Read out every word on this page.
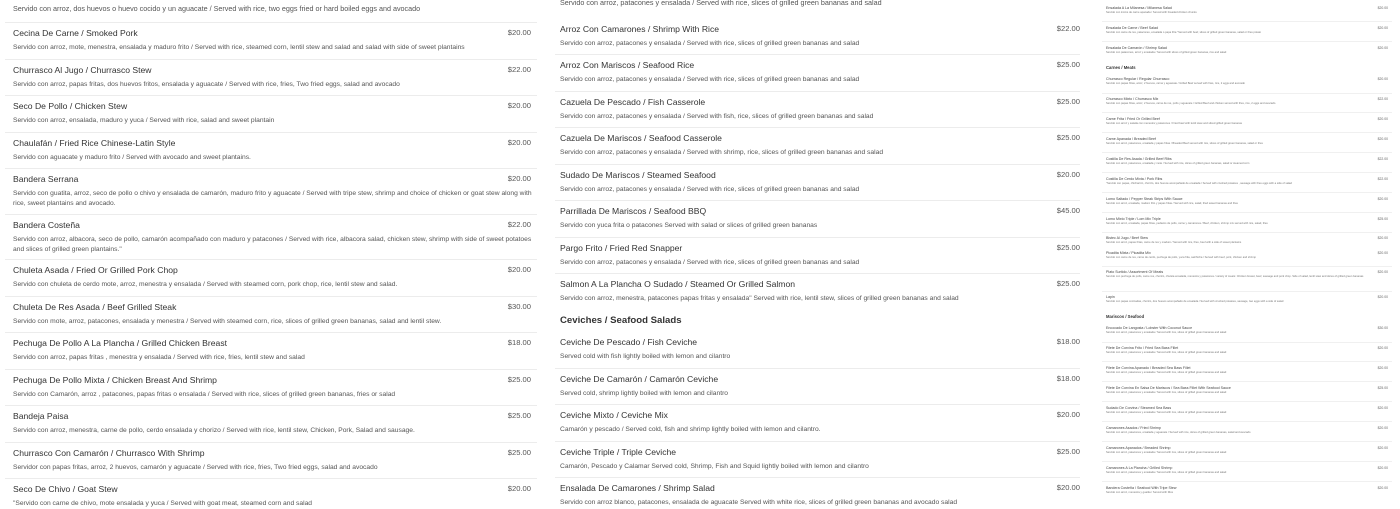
Servido con arroz, dos huevos o huevo cocido y un aguacate / Served with rice, two eggs fried or hard boiled eggs and avocado
Cecina De Carne / Smoked Pork	$20.00
Servido con arroz, mote, menestra, ensalada y maduro frito / Served with rice, steamed corn, lentil stew and salad and salad with side of sweet plantains
Churrasco Al Jugo / Churrasco Stew	$22.00
Servido con arroz, papas fritas, dos huevos fritos, ensalada y aguacate / Served with rice, fries, Two fried eggs, salad and avocado
Seco De Pollo / Chicken Stew	$20.00
Servido con arroz, ensalada, maduro y yuca / Served with rice, salad and sweet plantain
Chaulafán / Fried Rice Chinese-Latin Style	$20.00
Servido con aguacate y maduro frito / Served with avocado and sweet plantains.
Bandera Serrana	$20.00
Servido con guatita, arroz, seco de pollo o chivo y ensalada de camarón, maduro frito y aguacate / Served with tripe stew, shrimp and choice of chicken or goat stew along with rice, sweet plantains and avocado.
Bandera Costeña	$22.00
Servido con arroz, albacora, seco de pollo, camarón acompañado con maduro y patacones / Served with rice, albacora salad, chicken stew, shrimp with side of sweet potatoes and slices of grilled green plantains."
Chuleta Asada / Fried Or Grilled Pork Chop	$20.00
Servido con chuleta de cerdo mote, arroz, menestra y ensalada / Served with steamed corn, pork chop, rice, lentil stew and salad.
Chuleta De Res Asada / Beef Grilled Steak	$30.00
Servido con mote, arroz, patacones, ensalada y menestra / Served with steamed corn, rice, slices of grilled green bananas, salad and lentil stew.
Pechuga De Pollo A La Plancha / Grilled Chicken Breast	$18.00
Servido con arroz, papas fritas , menestra y ensalada / Served with rice, fries, lentil stew and salad
Pechuga De Pollo Mixta / Chicken Breast And Shrimp	$25.00
Servido con Camarón, arroz , patacones, papas fritas o ensalada / Served with rice, slices of grilled green bananas, fries or salad
Bandeja Paisa	$25.00
Servido con arroz, menestra, carne de pollo, cerdo ensalada y chorizo / Served with rice, lentil stew, Chicken, Pork, Salad and sausage.
Churrasco Con Camarón / Churrasco With Shrimp	$25.00
Servidor con papas fritas, arroz, 2 huevos, camarón y aguacate / Served with rice, fries, Two fried eggs, salad and avocado
Seco De Chivo / Goat Stew	$20.00
"Servido con carne de chivo, mote ensalada y yuca / Served with goat meat, steamed corn and salad
Servido con arroz, patacones y ensalada / Served with rice, slices of grilled green bananas and salad
Arroz Con Camarones / Shrimp With Rice	$22.00
Servido con arroz, patacones y ensalada / Served with rice, slices of grilled green bananas and salad
Arroz Con Mariscos / Seafood Rice	$25.00
Servido con arroz, patacones y ensalada / Served with rice, slices of grilled green bananas and salad
Cazuela De Pescado / Fish Casserole	$25.00
Servido con arroz, patacones y ensalada / Served with fish, rice, slices of grilled green bananas and salad
Cazuela De Mariscos / Seafood Casserole	$25.00
Servido con arroz, patacones y ensalada / Served with shrimp, rice, slices of grilled green bananas and salad
Sudado De Mariscos / Steamed Seafood	$20.00
Servido con arroz, patacones y ensalada / Served with rice, slices of grilled green bananas and salad
Parrillada De Mariscos / Seafood BBQ	$45.00
Servido con yuca frita o patacones Served with salad or slices of grilled green bananas
Pargo Frito / Fried Red Snapper	$25.00
Servido con arroz, patacones y ensalada / Served with rice, slices of grilled green bananas and salad
Salmon A La Plancha O Sudado / Steamed Or Grilled Salmon	$25.00
Servido con arroz, menestra, patacones papas fritas y ensalada" Served with rice, lentil stew, slices of grilled green bananas and salad
Ceviches / Seafood Salads
Ceviche De Pescado / Fish Ceviche	$18.00
Served cold with fish lightly boiled with lemon and cilantro
Ceviche De Camarón / Camarón Ceviche	$18.00
Served cold, shrimp lightly boiled with lemon and cilantro
Ceviche Mixto / Ceviche Mix	$20.00
Camarón y pescado / Served cold, fish and shrimp lightly boiled with lemon and cilantro.
Ceviche Triple / Triple Ceviche	$25.00
Camarón, Pescado y Calamar Served cold, Shrimp, Fish and Squid lightly boiled with lemon and cilantro
Ensalada De Camarones / Shrimp Salad	$20.00
Servido con arroz blanco, patacones, ensalada de aguacate Served with white rice, slices of grilled green bananas and avocado salad
Ensalada A La Milanesa / Milanesa Salad	$20.00
Servido con trozos de carne apanada / Served with breaded chicken chunks
Ensalada De Carne / Beef Salad	$20.00
Servido con carne de res, patacones, ensalada o papa frita "Served with beef, slices of grilled green bananas, salad or fries potato
Ensalada De Camarón / Shrimp Salad	$20.00
Servido con patacones, arroz y ensalada / Served with slices of grilled green bananas, rice and salad
Carnes / Meats
Churrasco Regular / Regular Churrasco	$20.00
Servido con papas fritas, arroz, 2 huevos, carne y aguacate / Grilled Beef served with fries, rice, 2 eggs and avocado
Churrasco Mixto / Churrasco Mix	$22.00
Servido con papas fritas, arroz, 2 huevos, carne de res, pollo y aguacate / Grilled Beef and chicken served with fries, rice, 2 eggs and avocado
Carne Frita / Fried Or Grilled Beef	$20.00
Servido con arroz y salada con menestra y patacones / Fried beef with lentil stew and sliced grilled green bananas
Carne Apanada / Breaded Beef	$20.00
Servido con arroz, patacones, ensalada y papas fritas / Breaded Beef served with rice, slices of grilled green bananas, salad or fries
Costilla De Res Asada / Grilled Beef Ribs	$22.00
Servido con arroz, patacones, ensalada y mote / Served with rice, slices of grilled green bananas, salad or steamed corn
Costilla De Cerdo Mixta / Pork Ribs	$22.00
"Servido con papas, chicharrón, chorizo, dos huevos acompañado de ensalada / Served with crushed potatoes , sausage with fries eggs with a side of salad
Lomo Saltado / Pepper Steak Strips With Sauce	$20.00
Servido con arroz, ensalada, maduro frito y papas fritas / Served with rice, salad, fried sweet bananas and fries
Lomo Mixto Triple / Lom Mix Triple	$25.00
Servido con arroz, ensalada, papas fritas, pedazos de pollo, carne y camarones / Beef, chicken, shrimp mix served with rice, salad, fries
Bistec Al Jugo / Beef Stew	$20.00
Servido con arroz, papas fritas, carne de res y maduro / Served with rice, fries, beef with a side of sweet plantains
Picadita Mixta / Picadita Mix	$20.00
Servido con carne de res, carne de cerdo, pechuga de pollo, yuca frita, salchicha / Served with beef, pork, chicken and shrimp
Plato Surtido / Assortment Of Meats	$20.00
Servido con pechuga de pollo, carne res, chorizo, chuleta ensalada, menestra y patacones / variety of meats: Chicken breast, beef, sausage and pork chop. Side of salad, lentil stew and slices of grilled green bananas
Lapin	$20.00
Servido con papas cocinadas, chorizo, dos huevos acompañado de ensalada / Served with crushed potatoes, sausage, two eggs with a side of salad
Mariscos / Seafood
Encocado De Langosta / Lobster With Coconut Sauce	$30.00
Servido con arroz, patacones y ensalada / Served with rice, slices of grilled green bananas and salad
Filete De Corvina Frito / Fried Sea Bass Fillet	$20.00
Servido con arroz, patacones y ensalada / Served with rice, slices of grilled green bananas and salad
Filete De Corvina Apanado / Breaded Sea Bass Fillet	$20.00
Servido con arroz, patacones y ensalada / Served with rice, slices of grilled green bananas and salad
Filete De Corvina En Salsa De Mariscos / Sea Bass Fillet With Seafood Sauce	$25.00
Servido con arroz, patacones y ensalada / Served with rice, slices of grilled green bananas and salad
Sudado De Corvina / Steamed Sea Bass	$20.00
Servido con arroz, patacones y ensalada / Served with rice, slices of grilled green bananas and salad
Camarones Asados / Fried Shrimp	$20.00
Servido con arroz, patacones, ensalada y aguacate / Served with rice, slices of grilled green bananas, salad and avocado
Camarones Apanados / Breaded Shrimp	$20.00
Servido con arroz, patacones y ensalada / Served with rice, slices of grilled green bananas and salad
Camarones A La Plancha / Grilled Shrimp	$20.00
Servido con arroz, patacones y ensalada / Served with rice, slices of grilled green bananas and salad
Bandera Costeña / Seafood With Tripe Stew	$20.00
Servido con arroz, menestra y guatita / Served with Rice
